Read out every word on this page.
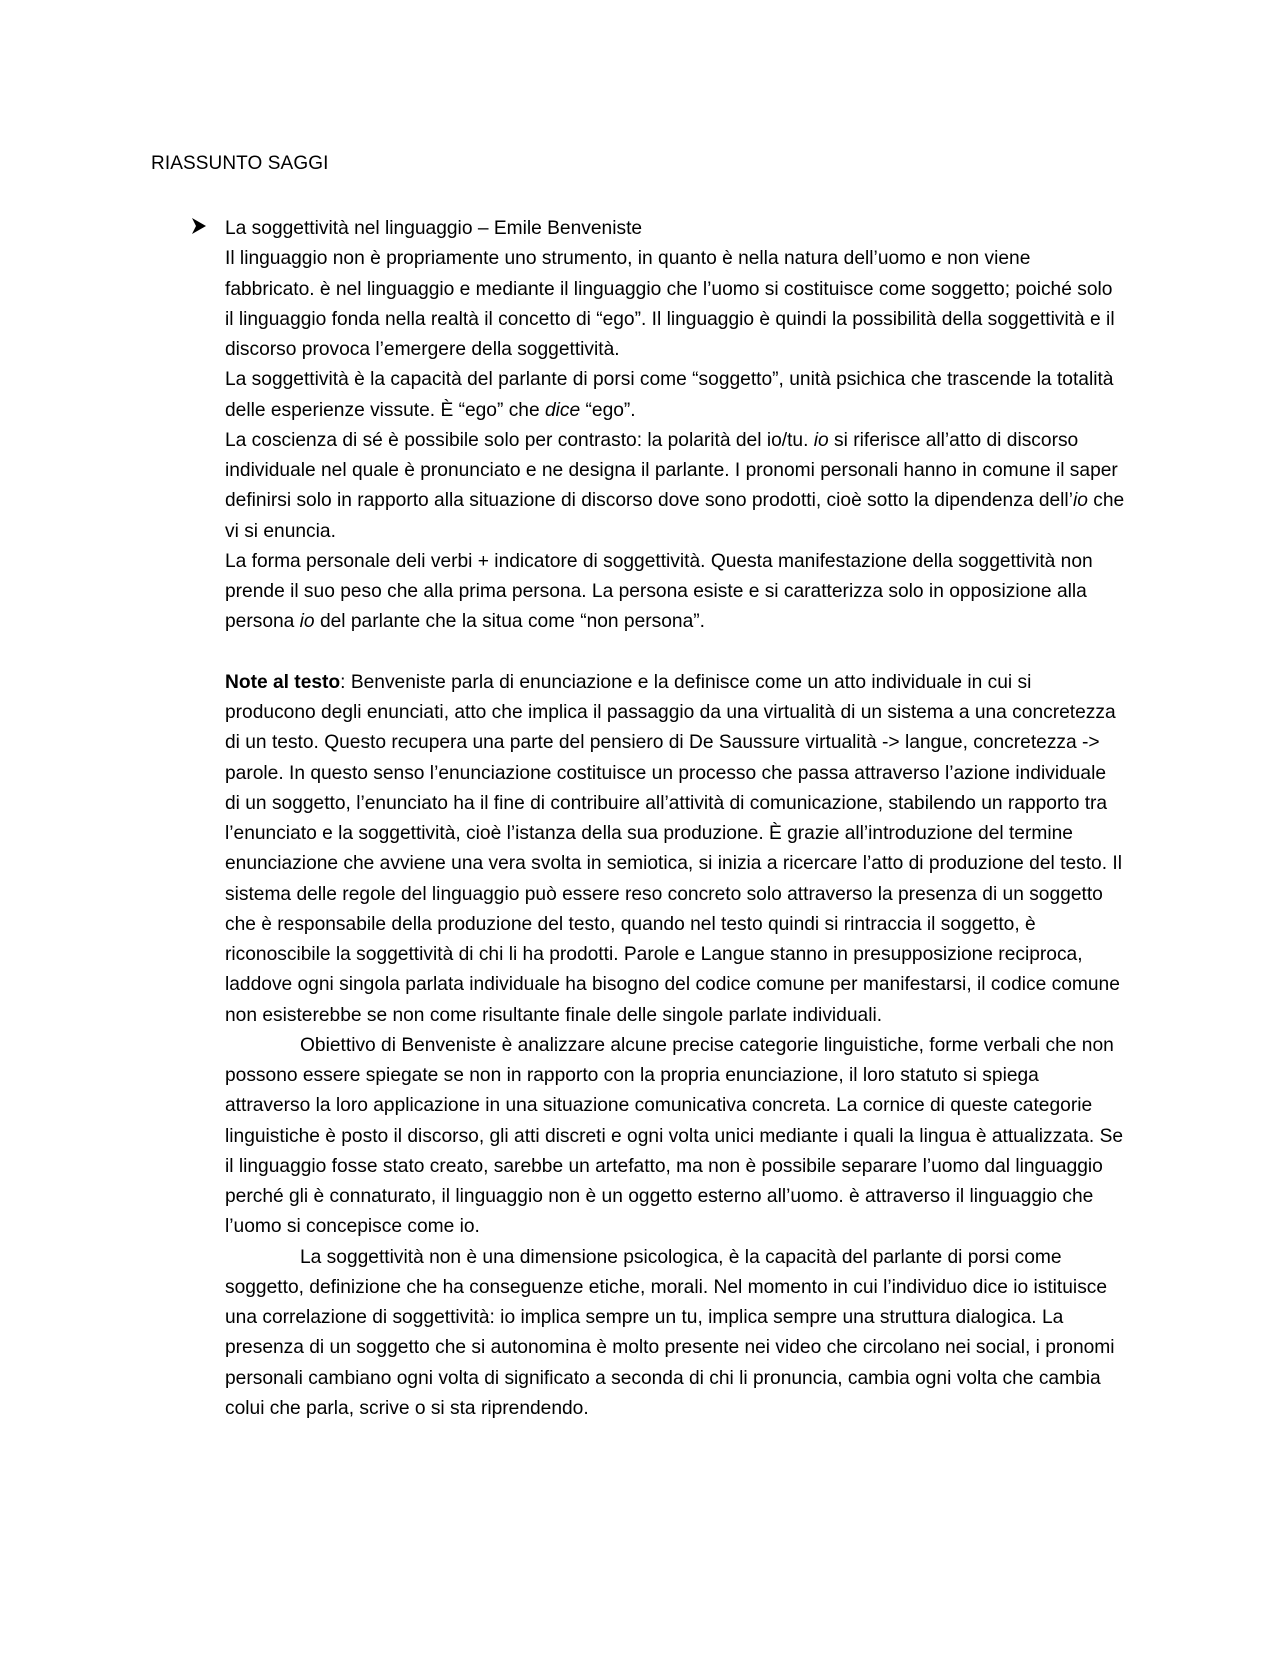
RIASSUNTO SAGGI

La soggettività nel linguaggio – Emile Benveniste

Il linguaggio non è propriamente uno strumento, in quanto è nella natura dell’uomo e non viene fabbricato. è nel linguaggio e mediante il linguaggio che l’uomo si costituisce come soggetto; poiché solo il linguaggio fonda nella realtà il concetto di “ego”. Il linguaggio è quindi la possibilità della soggettività e il discorso provoca l’emergere della soggettività.

La soggettività è la capacità del parlante di porsi come “soggetto”, unità psichica che trascende la totalità delle esperienze vissute. È “ego” che dice “ego”.

La coscienza di sé è possibile solo per contrasto: la polarità del io/tu. io si riferisce all’atto di discorso individuale nel quale è pronunciato e ne designa il parlante. I pronomi personali hanno in comune il saper definirsi solo in rapporto alla situazione di discorso dove sono prodotti, cioè sotto la dipendenza dell’io che vi si enuncia.

La forma personale deli verbi + indicatore di soggettività. Questa manifestazione della soggettività non prende il suo peso che alla prima persona. La persona esiste e si caratterizza solo in opposizione alla persona io del parlante che la situa come “non persona”.

Note al testo: Benveniste parla di enunciazione e la definisce come un atto individuale in cui si producono degli enunciati, atto che implica il passaggio da una virtualità di un sistema a una concretezza di un testo. Questo recupera una parte del pensiero di De Saussure virtualità -> langue, concretezza -> parole. In questo senso l’enunciazione costituisce un processo che passa attraverso l’azione individuale di un soggetto, l’enunciato ha il fine di contribuire all’attività di comunicazione, stabilendo un rapporto tra l’enunciato e la soggettività, cioè l’istanza della sua produzione. È grazie all’introduzione del termine enunciazione che avviene una vera svolta in semiotica, si inizia a ricercare l’atto di produzione del testo. Il sistema delle regole del linguaggio può essere reso concreto solo attraverso la presenza di un soggetto che è responsabile della produzione del testo, quando nel testo quindi si rintraccia il soggetto, è riconoscibile la soggettività di chi li ha prodotti. Parole e Langue stanno in presupposizione reciproca, laddove ogni singola parlata individuale ha bisogno del codice comune per manifestarsi, il codice comune non esisterebbe se non come risultante finale delle singole parlate individuali.

Obiettivo di Benveniste è analizzare alcune precise categorie linguistiche, forme verbali che non possono essere spiegate se non in rapporto con la propria enunciazione, il loro statuto si spiega attraverso la loro applicazione in una situazione comunicativa concreta. La cornice di queste categorie linguistiche è posto il discorso, gli atti discreti e ogni volta unici mediante i quali la lingua è attualizzata. Se il linguaggio fosse stato creato, sarebbe un artefatto, ma non è possibile separare l’uomo dal linguaggio perché gli è connaturato, il linguaggio non è un oggetto esterno all’uomo. è attraverso il linguaggio che l’uomo si concepisce come io.

La soggettività non è una dimensione psicologica, è la capacità del parlante di porsi come soggetto, definizione che ha conseguenze etiche, morali. Nel momento in cui l’individuo dice io istituisce una correlazione di soggettività: io implica sempre un tu, implica sempre una struttura dialogica. La presenza di un soggetto che si autonomina è molto presente nei video che circolano nei social, i pronomi personali cambiano ogni volta di significato a seconda di chi li pronuncia, cambia ogni volta che cambia colui che parla, scrive o si sta riprendendo.
